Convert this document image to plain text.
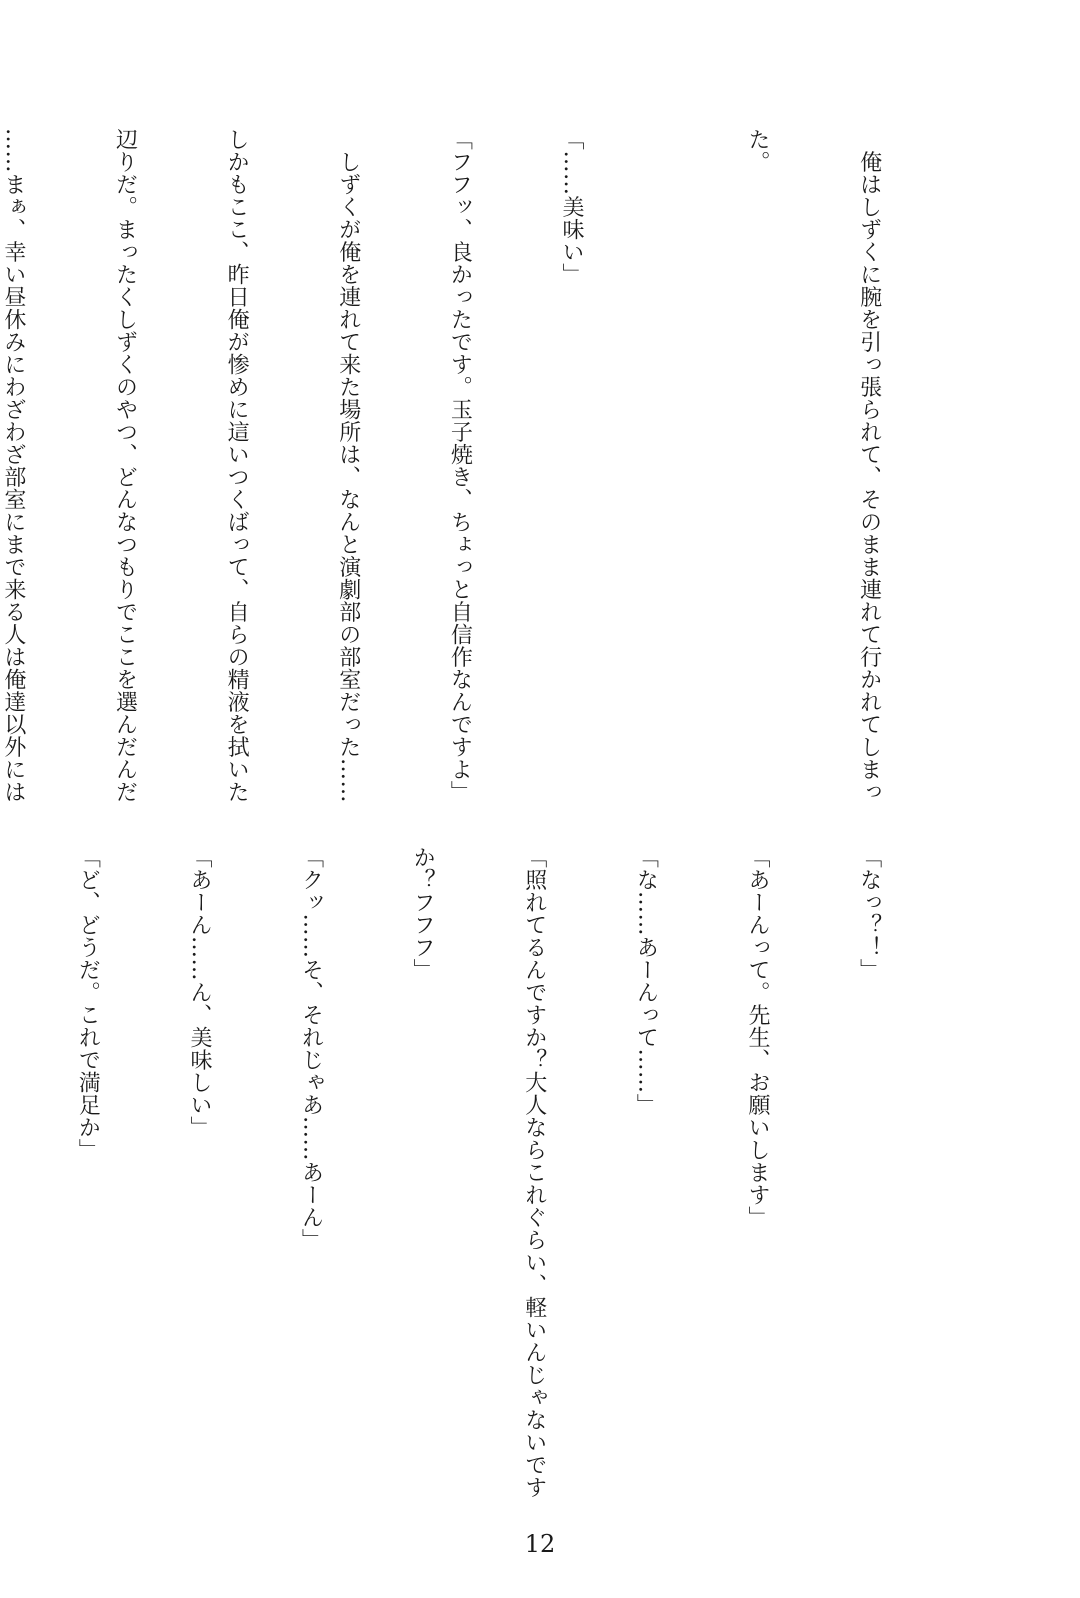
　俺はしずくに腕を引っ張られて、そのまま連れて行かれてしまっ

た。

「……美味い」

「フフッ、良かったです。玉子焼き、ちょっと自信作なんですよ」

　しずくが俺を連れて来た場所は、なんと演劇部の部室だった……

しかもここ、昨日俺が惨めに這いつくばって、自らの精液を拭いた

辺りだ。まったくしずくのやつ、どんなつもりでここを選んだんだ

……まぁ、幸い昼休みにわざわざ部室にまで来る人は俺達以外には

「なっ？！」

「あーんって。先生、お願いします」

「な……あーんって……」

「照れてるんですか？大人ならこれぐらい、軽いんじゃないです

か？フフフ」

「クッ……そ、それじゃあ……あーん」

「あーん……ん、美味しい」

「ど、どうだ。これで満足か」

12
